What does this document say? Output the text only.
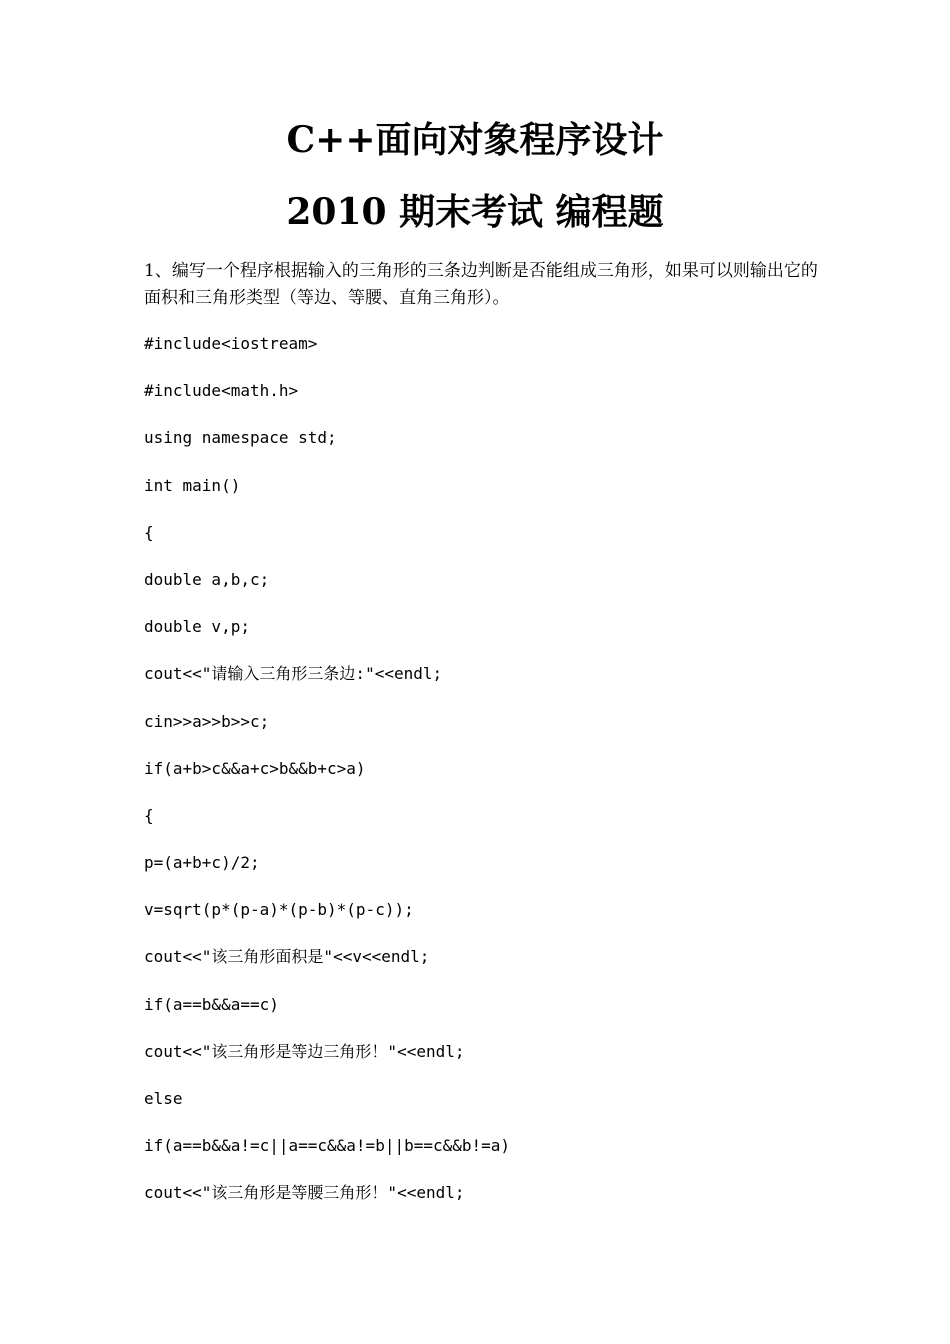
C++面向对象程序设计
2010 期末考试 编程题

1、编写一个程序根据输入的三角形的三条边判断是否能组成三角形，如果可以则输出它的面积和三角形类型（等边、等腰、直角三角形）。

#include<iostream>
#include<math.h>
using namespace std;
int main()
{
double a,b,c;
double v,p;
cout<<"请输入三角形三条边:"<<endl;
cin>>a>>b>>c;
if(a+b>c&&a+c>b&&b+c>a)
{
p=(a+b+c)/2;
v=sqrt(p*(p-a)*(p-b)*(p-c));
cout<<"该三角形面积是"<<v<<endl;
if(a==b&&a==c)
cout<<"该三角形是等边三角形！"<<endl;
else
if(a==b&&a!=c||a==c&&a!=b||b==c&&b!=a)
cout<<"该三角形是等腰三角形！"<<endl;
